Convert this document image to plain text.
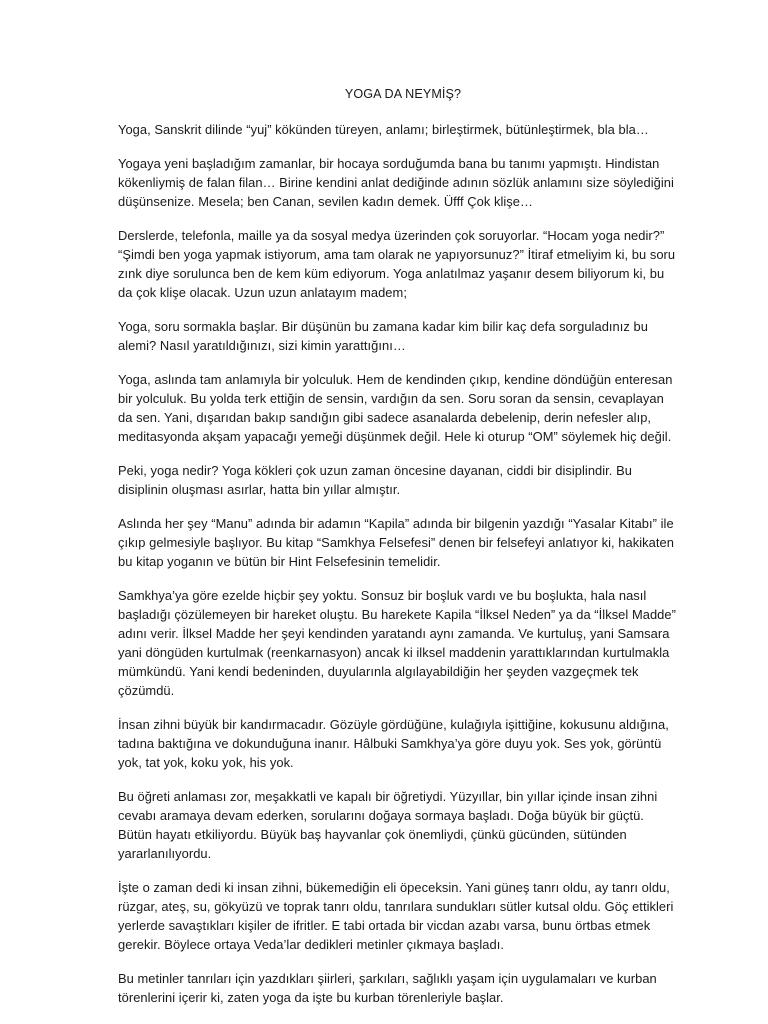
YOGA DA NEYMİŞ?

Yoga, Sanskrit dilinde “yuj” kökünden türeyen, anlamı; birleştirmek, bütünleştirmek, bla bla…

Yogaya yeni başladığım zamanlar, bir hocaya sorduğumda bana bu tanımı yapmıştı. Hindistan kökenliymiş de falan filan… Birine kendini anlat dediğinde adının sözlük anlamını size söylediğini düşünsenize. Mesela; ben Canan, sevilen kadın demek. Üfff Çok klişe…

Derslerde, telefonla, maille ya da sosyal medya üzerinden çok soruyorlar. “Hocam yoga nedir?” “Şimdi ben yoga yapmak istiyorum, ama tam olarak ne yapıyorsunuz?” İtiraf etmeliyim ki, bu soru zınk diye sorulunca ben de kem küm ediyorum. Yoga anlatılmaz yaşanır desem biliyorum ki, bu da çok klişe olacak. Uzun uzun anlatayım madem;

Yoga, soru sormakla başlar. Bir düşünün bu zamana kadar kim bilir kaç defa sorguladınız bu alemi? Nasıl yaratıldığınızı, sizi kimin yarattığını…

Yoga, aslında tam anlamıyla bir yolculuk. Hem de kendinden çıkıp, kendine döndüğün enteresan bir yolculuk. Bu yolda terk ettiğin de sensin, vardığın da sen. Soru soran da sensin, cevaplayan da sen. Yani, dışarıdan bakıp sandığın gibi sadece asanalarda debelenip, derin nefesler alıp, meditasyonda akşam yapacağı yemeği düşünmek değil. Hele ki oturup “OM” söylemek hiç değil.

Peki, yoga nedir? Yoga kökleri çok uzun zaman öncesine dayanan, ciddi bir disiplindir. Bu disiplinin oluşması asırlar, hatta bin yıllar almıştır.

Aslında her şey “Manu” adında bir adamın “Kapila” adında bir bilgenin yazdığı “Yasalar Kitabı” ile çıkıp gelmesiyle başlıyor. Bu kitap “Samkhya Felsefesi” denen bir felsefeyi anlatıyor ki, hakikaten bu kitap yoganın ve bütün bir Hint Felsefesinin temelidir.

Samkhya’ya göre ezelde hiçbir şey yoktu. Sonsuz bir boşluk vardı ve bu boşlukta, hala nasıl başladığı çözülemeyen bir hareket oluştu. Bu harekete Kapila “İlksel Neden” ya da “İlksel Madde” adını verir. İlksel Madde her şeyi kendinden yaratandı aynı zamanda. Ve kurtuluş, yani Samsara yani döngüden kurtulmak (reenkarnasyon) ancak ki ilksel maddenin yarattıklarından kurtulmakla mümkündü. Yani kendi bedeninden, duyularınla algılayabildiğin her şeyden vazgeçmek tek çözümdü.

İnsan zihni büyük bir kandırmacadır. Gözüyle gördüğüne, kulağıyla işittiğine, kokusunu aldığına, tadına baktığına ve dokunduğuna inanır. Hâlbuki Samkhya’ya göre duyu yok. Ses yok, görüntü yok, tat yok, koku yok, his yok.

Bu öğreti anlaması zor, meşakkatli ve kapalı bir öğretiydi. Yüzyıllar, bin yıllar içinde insan zihni cevabı aramaya devam ederken, sorularını doğaya sormaya başladı. Doğa büyük bir güçtü. Bütün hayatı etkiliyordu. Büyük baş hayvanlar çok önemliydi, çünkü gücünden, sütünden yararlanılıyordu.

İşte o zaman dedi ki insan zihni, bükemediğin eli öpeceksin. Yani güneş tanrı oldu, ay tanrı oldu, rüzgar, ateş, su, gökyüzü ve toprak tanrı oldu, tanrılara sundukları sütler kutsal oldu. Göç ettikleri yerlerde savaştıkları kişiler de ifritler. E tabi ortada bir vicdan azabı varsa, bunu örtbas etmek gerekir. Böylece ortaya Veda’lar dedikleri metinler çıkmaya başladı.

Bu metinler tanrıları için yazdıkları şiirleri, şarkıları, sağlıklı yaşam için uygulamaları ve kurban törenlerini içerir ki, zaten yoga da işte bu kurban törenleriyle başlar.
